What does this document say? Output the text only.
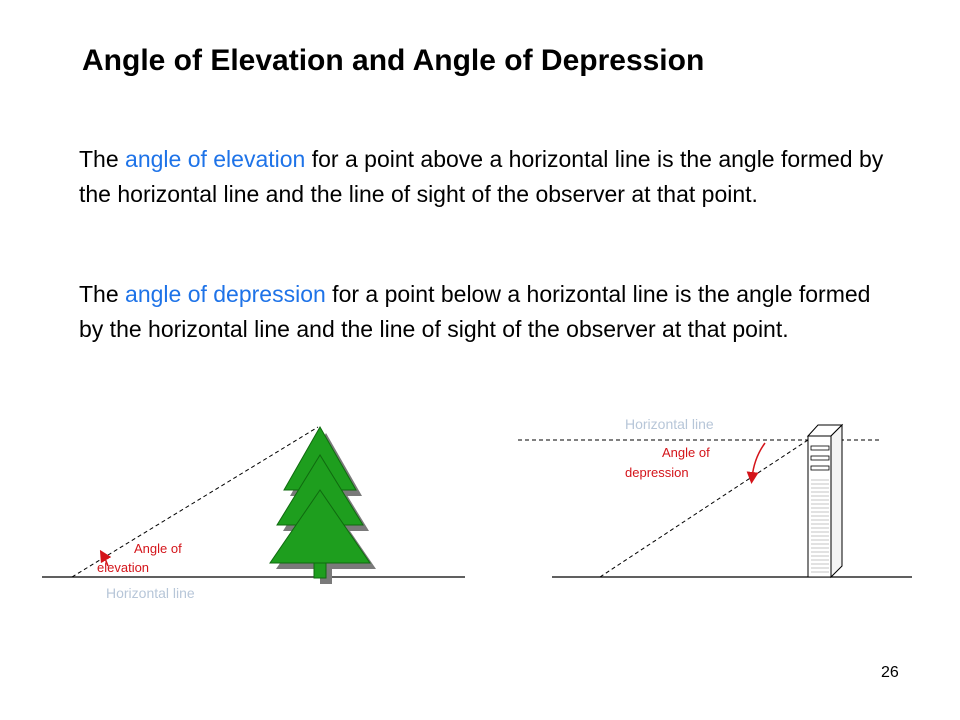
Angle of Elevation and Angle of Depression
The angle of elevation for a point above a horizontal line is the angle formed by the horizontal line and the line of sight of the observer at that point.
The angle of depression for a point below a horizontal line is the angle formed by the horizontal line and the line of sight of the observer at that point.
Angle of
elevation
Horizontal line
Horizontal line
Angle of
depression
26
